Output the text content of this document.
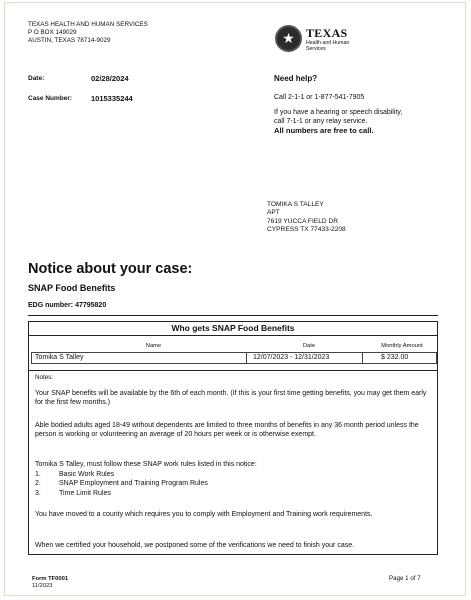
TEXAS HEALTH AND HUMAN SERVICES
P O BOX 149029
AUSTIN, TEXAS 78714-9029	★ TEXAS
Health and Human
Services
Date:	02/28/2024
Case Number:	1015335244
Need help?
Call 2-1-1 or 1-877-541-7905
If you have a hearing or speech disability,
call 7-1-1 or any relay service.
All numbers are free to call.
TOMIKA S TALLEY
APT
7619 YUCCA FIELD DR
CYPRESS TX 77433-2208
Notice about your case:
SNAP Food Benefits
EDG number: 47795820
Who gets SNAP Food Benefits
Name	Date	Monthly Amount
Tomika S Talley	12/07/2023 - 12/31/2023	$ 232.00
Notes:
Your SNAP benefits will be available by the 6th of each month. (If this is your first time getting benefits, you may get them early for the first few months.)
Able bodied adults aged 18-49 without dependents are limited to three months of benefits in any 36 month period unless the person is working or volunteering an average of 20 hours per week or is otherwise exempt.
Tomika S Talley, must follow these SNAP work rules listed in this notice:
1.	Basic Work Rules
2.	SNAP Employment and Training Program Rules
3.	Time Limit Rules
You have moved to a county which requires you to comply with Employment and Training work requirements.
When we certified your household, we postponed some of the verifications we need to finish your case.
Form TF0001
11/2023
Page 1 of 7
